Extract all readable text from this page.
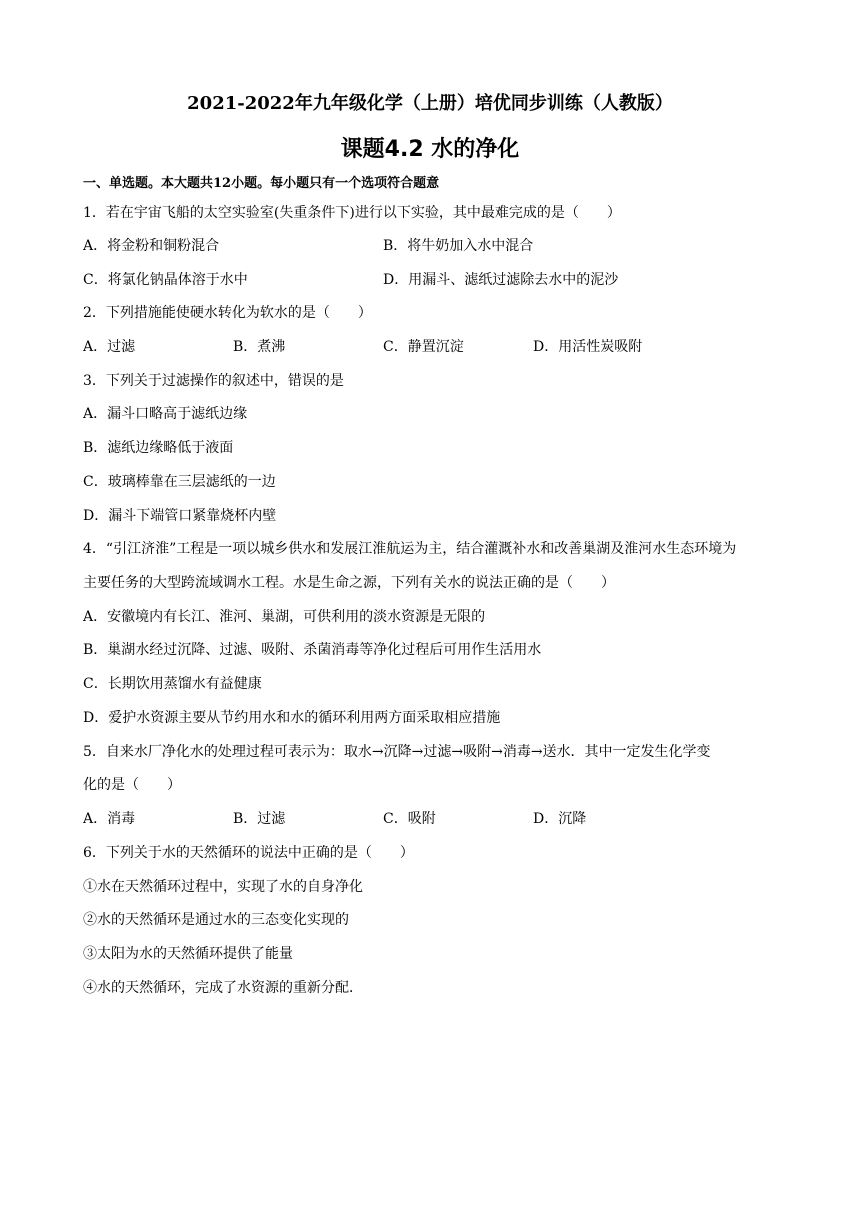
2021-2022年九年级化学（上册）培优同步训练（人教版）
课题4.2 水的净化
一、单选题。本大题共12小题。每小题只有一个选项符合题意
1．若在宇宙飞船的太空实验室(失重条件下)进行以下实验，其中最难完成的是（　　）
A．将金粉和铜粉混合	B．将牛奶加入水中混合
C．将氯化钠晶体溶于水中	D．用漏斗、滤纸过滤除去水中的泥沙
2．下列措施能使硬水转化为软水的是（　　）
A．过滤	B．煮沸	C．静置沉淀	D．用活性炭吸附
3．下列关于过滤操作的叙述中，错误的是
A．漏斗口略高于滤纸边缘
B．滤纸边缘略低于液面
C．玻璃棒靠在三层滤纸的一边
D．漏斗下端管口紧靠烧杯内壁
4．“引江济淮”工程是一项以城乡供水和发展江淮航运为主，结合灌溉补水和改善巢湖及淮河水生态环境为
主要任务的大型跨流域调水工程。水是生命之源，下列有关水的说法正确的是（　　）
A．安徽境内有长江、淮河、巢湖，可供利用的淡水资源是无限的
B．巢湖水经过沉降、过滤、吸附、杀菌消毒等净化过程后可用作生活用水
C．长期饮用蒸馏水有益健康
D．爱护水资源主要从节约用水和水的循环利用两方面采取相应措施
5．自来水厂净化水的处理过程可表示为：取水→沉降→过滤→吸附→消毒→送水．其中一定发生化学变
化的是（　　）
A．消毒	B．过滤	C．吸附	D．沉降
6．下列关于水的天然循环的说法中正确的是（　　）
①水在天然循环过程中，实现了水的自身净化
②水的天然循环是通过水的三态变化实现的
③太阳为水的天然循环提供了能量
④水的天然循环，完成了水资源的重新分配．
